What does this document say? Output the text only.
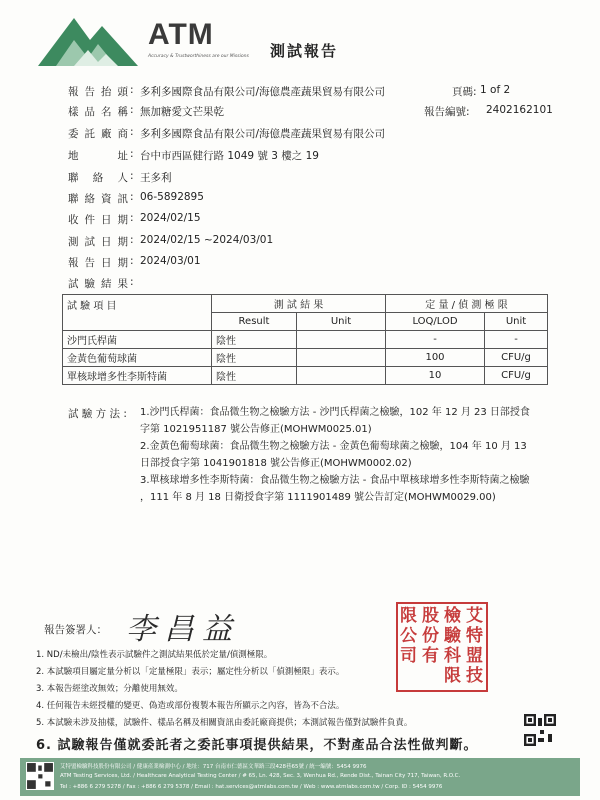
ATM
Accuracy & Trustworthiness are our Missions 測試報告
報告抬頭 : 多利多國際食品有限公司/海億農產蔬果貿易有限公司
樣品名稱 : 無加糖愛文芒果乾
委託廠商 : 多利多國際食品有限公司/海億農產蔬果貿易有限公司
地址 : 台中市西區健行路 1049 號 3 樓之 19
聯絡人 : 王多利
聯絡資訊 : 06-5892895
收件日期 : 2024/02/15
測試日期 : 2024/02/15 ~2024/03/01
報告日期 : 2024/03/01
試驗結果 :
頁碼: 1 of 2
報告編號: 2402162101
試 驗 項 目	測 試 結 果		定 量 / 偵 測 極 限	
	Result	Unit	LOQ/LOD	Unit
沙門氏桿菌	陰性		-	-
金黃色葡萄球菌	陰性		100	CFU/g
單核球增多性李斯特菌	陰性		10	CFU/g
試 驗 方 法 : 1.沙門氏桿菌：食品微生物之檢驗方法 - 沙門氏桿菌之檢驗，102 年 12 月 23 日部授食
字第 1021951187 號公告修正(MOHWM0025.01)
2.金黃色葡萄球菌：食品微生物之檢驗方法 - 金黃色葡萄球菌之檢驗，104 年 10 月 13
日部授食字第 1041901818 號公告修正(MOHWM0002.02)
3.單核球增多性李斯特菌：食品微生物之檢驗方法 - 食品中單核球增多性李斯特菌之檢驗
，111 年 8 月 18 日衛授食字第 1111901489 號公告訂定(MOHWM0029.00)
報告簽署人： 李昌益	艾
檢
股
限
特
驗
份
公
盟
科
有
司
技
限
1. ND/未檢出/陰性表示試驗件之測試結果低於定量/偵測極限。
2. 本試驗項目屬定量分析以「定量極限」表示；屬定性分析以「偵測極限」表示。
3. 本報告經塗改無效；分離使用無效。
4. 任何報告未經授權的變更、偽造或部份複製本報告所顯示之內容，皆為不合法。
5. 本試驗未涉及抽樣，試驗件、樣品名稱及相關資訊由委託廠商提供；本測試報告僅對試驗件負責。
6. 試驗報告僅就委託者之委託事項提供結果，不對產品合法性做判斷。
艾特盟檢驗科技股份有限公司 / 健康產業檢測中心 / 地址：717 台南市仁德區文華路三段428巷65號 / 統一編號：5454 9976
ATM Testing Services, Ltd. / Healthcare Analytical Testing Center / # 65, Ln. 428, Sec. 3, Wenhua Rd., Rende Dist., Tainan City 717, Taiwan, R.O.C.
Tel : +886 6 279 5278 / Fax : +886 6 279 5378 / Email : hat.services@atmlabs.com.tw / Web : www.atmlabs.com.tw / Corp. ID : 5454 9976
